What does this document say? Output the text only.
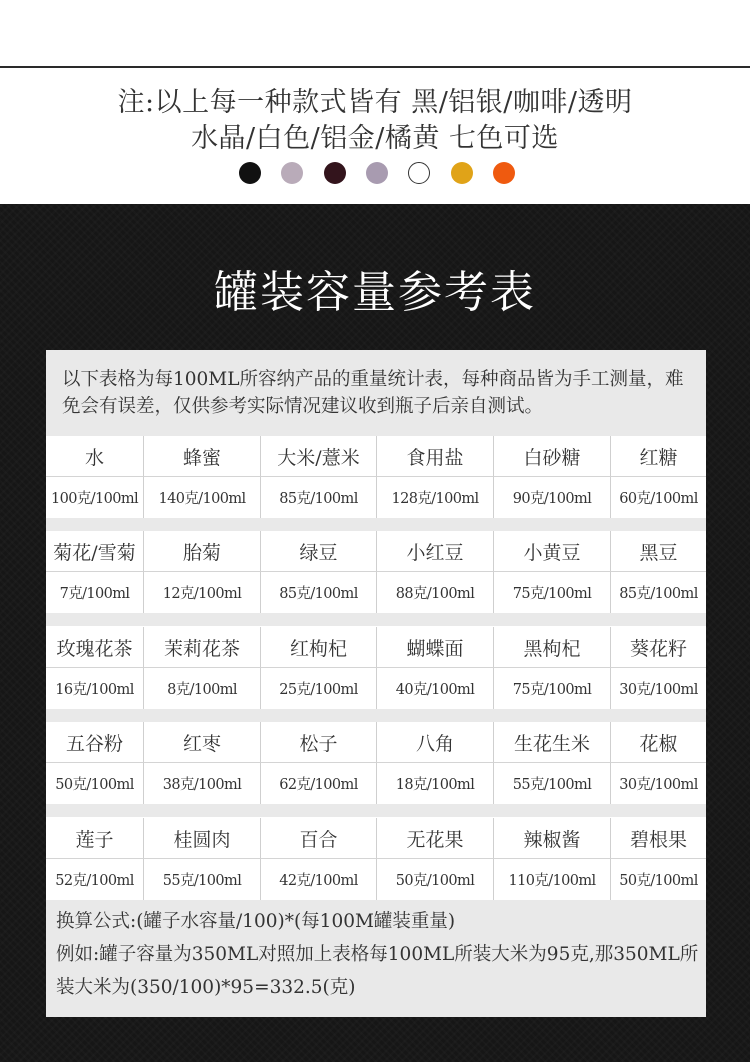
注:以上每一种款式皆有 黑/铝银/咖啡/透明
水晶/白色/铝金/橘黄 七色可选
罐装容量参考表
以下表格为每100ML所容纳产品的重量统计表，每种商品皆为手工测量，难免会有误差，仅供参考实际情况建议收到瓶子后亲自测试。
换算公式:(罐子水容量/100)*(每100M罐装重量)
例如:罐子容量为350ML对照加上表格每100ML所装大米为95克,那350ML所装大米为(350/100)*95=332.5(克)
水	蜂蜜	大米/薏米	食用盐	白砂糖	红糖
100克/100ml	140克/100ml	85克/100ml	128克/100ml	90克/100ml	60克/100ml
菊花/雪菊	胎菊	绿豆	小红豆	小黄豆	黑豆
7克/100ml	12克/100ml	85克/100ml	88克/100ml	75克/100ml	85克/100ml
玫瑰花茶	茉莉花茶	红枸杞	蝴蝶面	黑枸杞	葵花籽
16克/100ml	8克/100ml	25克/100ml	40克/100ml	75克/100ml	30克/100ml
五谷粉	红枣	松子	八角	生花生米	花椒
50克/100ml	38克/100ml	62克/100ml	18克/100ml	55克/100ml	30克/100ml
莲子	桂圆肉	百合	无花果	辣椒酱	碧根果
52克/100ml	55克/100ml	42克/100ml	50克/100ml	110克/100ml	50克/100ml
